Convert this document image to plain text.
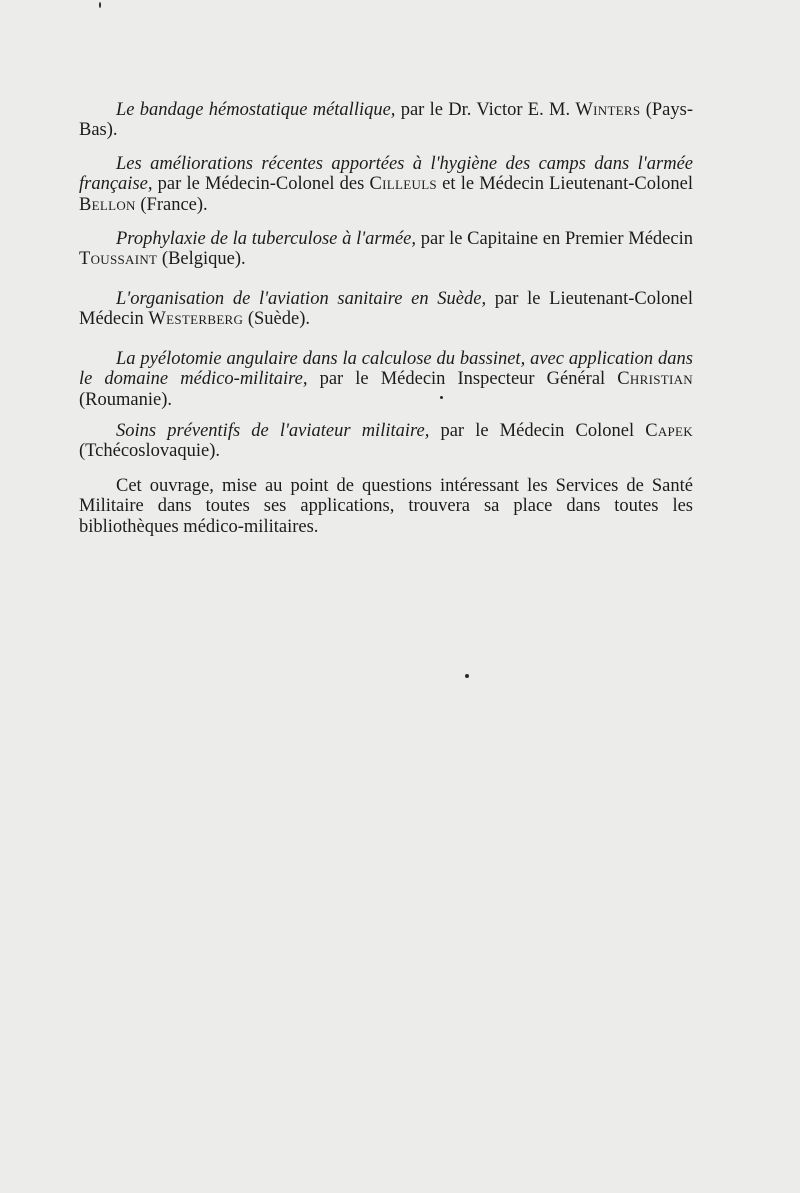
Le bandage hémostatique métallique, par le Dr. Victor E. M. Winters (Pays-Bas).

Les améliorations récentes apportées à l'hygiène des camps dans l'armée française, par le Médecin-Colonel des Cilleuls et le Médecin Lieutenant-Colonel Bellon (France).

Prophylaxie de la tuberculose à l'armée, par le Capitaine en Premier Médecin Toussaint (Belgique).

L'organisation de l'aviation sanitaire en Suède, par le Lieutenant-Colonel Médecin Westerberg (Suède).

La pyélotomie angulaire dans la calculose du bassinet, avec application dans le domaine médico-militaire, par le Médecin Inspecteur Général Christian (Roumanie).

Soins préventifs de l'aviateur militaire, par le Médecin Colonel Capek (Tchécoslovaquie).

Cet ouvrage, mise au point de questions intéressant les Services de Santé Militaire dans toutes ses applications, trouvera sa place dans toutes les bibliothèques médico-militaires.
